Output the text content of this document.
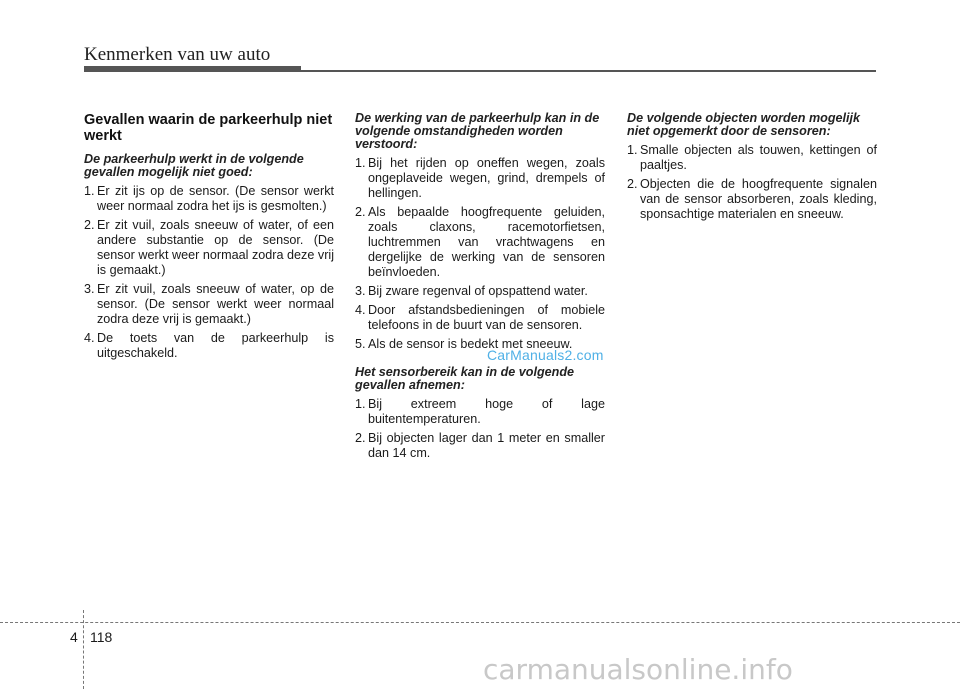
Kenmerken van uw auto
Gevallen waarin de parkeerhulp niet werkt
De parkeerhulp werkt in de volgende gevallen mogelijk niet goed:
1. Er zit ijs op de sensor. (De sensor werkt weer normaal zodra het ijs is gesmolten.)
2. Er zit vuil, zoals sneeuw of water, of een andere substantie op de sensor. (De sensor werkt weer normaal zodra deze vrij is gemaakt.)
3. Er zit vuil, zoals sneeuw of water, op de sensor. (De sensor werkt weer normaal zodra deze vrij is gemaakt.)
4. De toets van de parkeerhulp is uitgeschakeld.
De werking van de parkeerhulp kan in de volgende omstandigheden worden verstoord:
1. Bij het rijden op oneffen wegen, zoals ongeplaveide wegen, grind, drempels of hellingen.
2. Als bepaalde hoogfrequente geluiden, zoals claxons, racemotorfietsen, luchtremmen van vrachtwagens en dergelijke de werking van de sensoren beïnvloeden.
3. Bij zware regenval of opspattend water.
4. Door afstandsbedieningen of mobiele telefoons in de buurt van de sensoren.
5. Als de sensor is bedekt met sneeuw.
Het sensorbereik kan in de volgende gevallen afnemen:
1. Bij extreem hoge of lage buitentemperaturen.
2. Bij objecten lager dan 1 meter en smaller dan 14 cm.
De volgende objecten worden mogelijk niet opgemerkt door de sensoren:
1. Smalle objecten als touwen, kettingen of paaltjes.
2. Objecten die de hoogfrequente signalen van de sensor absorberen, zoals kleding, sponsachtige materialen en sneeuw.
CarManuals2.com
4 118
carmanualsonline.info
